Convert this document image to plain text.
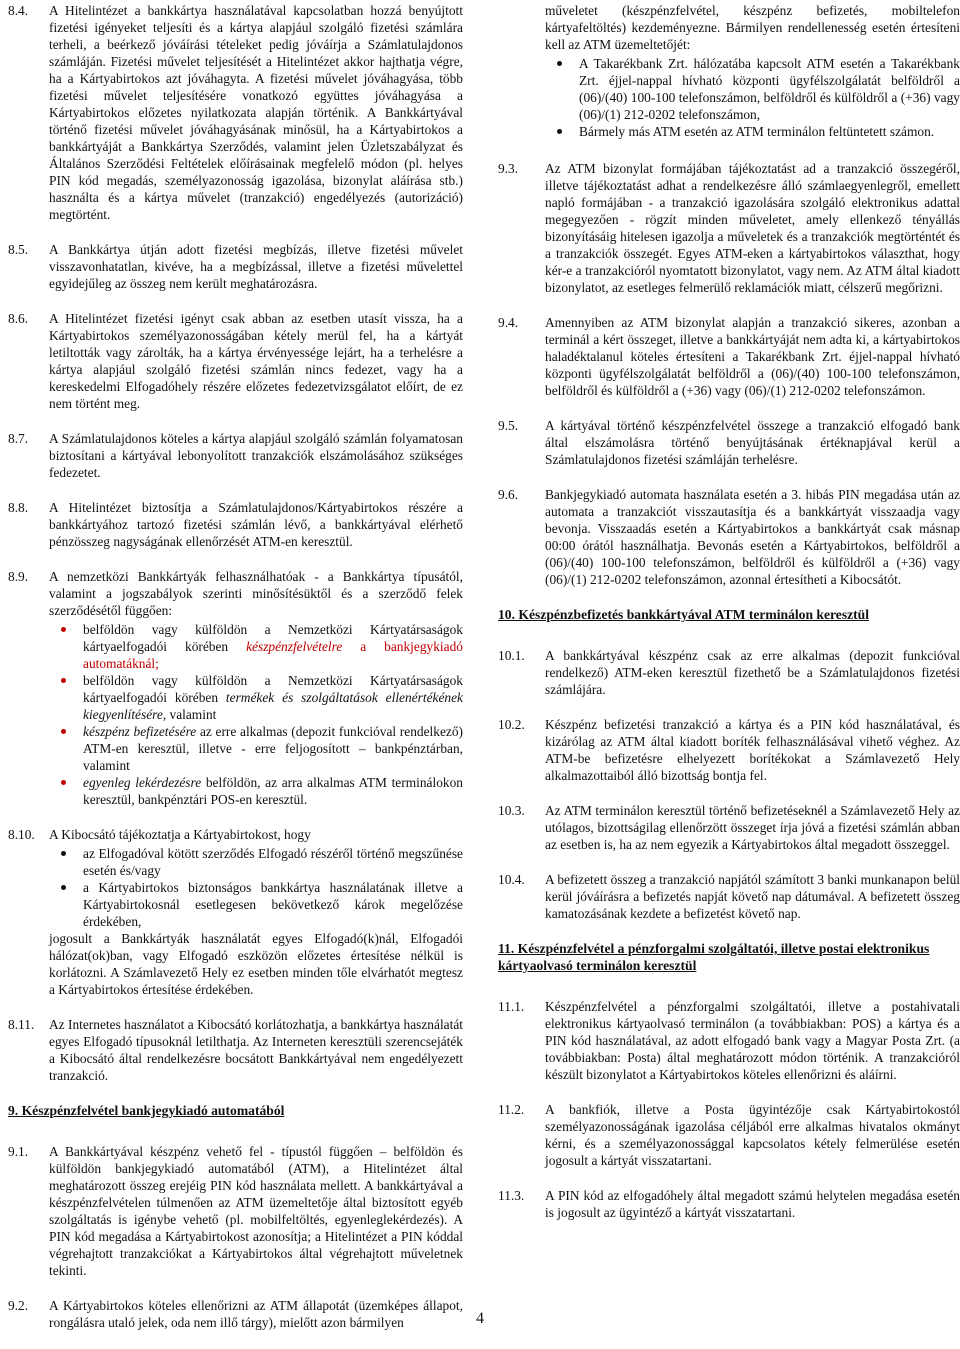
8.4.	A Hitelintézet a bankkártya használatával kapcsolatban hozzá benyújtott fizetési igényeket teljesíti és a kártya alapjául szolgáló fizetési számlára terheli, a beérkező jóváírási tételeket pedig jóváírja a Számlatulajdonos számláján. Fizetési művelet teljesítését a Hitelintézet akkor hajthatja végre, ha a Kártyabirtokos azt jóváhagyta. A fizetési művelet jóváhagyása, több fizetési művelet teljesítésére vonatkozó együttes jóváhagyása a Kártyabirtokos előzetes nyilatkozata alapján történik. A Bankkártyával történő fizetési művelet jóváhagyásának minősül, ha a Kártyabirtokos a bankkártyáját a Bankkártya Szerződés, valamint jelen Üzletszabályzat és Általános Szerződési Feltételek előírásainak megfelelő módon (pl. helyes PIN kód megadás, személyazonosság igazolása, bizonylat aláírása stb.) használta és a kártya művelet (tranzakció) engedélyezés (autorizáció) megtörtént.
8.5.	A Bankkártya útján adott fizetési megbízás, illetve fizetési művelet visszavonhatatlan, kivéve, ha a megbízással, illetve a fizetési művelettel egyidejűleg az összeg nem került meghatározásra.
8.6.	A Hitelintézet fizetési igényt csak abban az esetben utasít vissza, ha a Kártyabirtokos személyazonosságában kétely merül fel, ha a kártyát letiltották vagy zárolták, ha a kártya érvényessége lejárt, ha a terhelésre a kártya alapjául szolgáló fizetési számlán nincs fedezet, vagy ha a kereskedelmi Elfogadóhely részére előzetes fedezetvizsgálatot előírt, de ez nem történt meg.
8.7.	A Számlatulajdonos köteles a kártya alapjául szolgáló számlán folyamatosan biztosítani a kártyával lebonyolított tranzakciók elszámolásához szükséges fedezetet.
8.8.	A Hitelintézet biztosítja a Számlatulajdonos/Kártyabirtokos részére a bankkártyához tartozó fizetési számlán lévő, a bankkártyával elérhető pénzösszeg nagyságának ellenőrzését ATM-en keresztül.
8.9.	A nemzetközi Bankkártyák felhasználhatóak - a Bankkártya típusától, valamint a jogszabályok szerinti minősítésüktől és a szerződő felek szerződésétől függően:
belföldön vagy külföldön a Nemzetközi Kártyatársaságok kártyaelfogadói körében készpénzfelvételre a bankjegykiadó automatáknál;
belföldön vagy külföldön a Nemzetközi Kártyatársaságok kártyaelfogadói körében termékek és szolgáltatások ellenértékének kiegyenlítésére, valamint
készpénz befizetésére az erre alkalmas (depozit funkcióval rendelkező) ATM-en keresztül, illetve - erre feljogosított – bankpénztárban, valamint
egyenleg lekérdezésre belföldön, az arra alkalmas ATM terminálokon keresztül, bankpénztári POS-en keresztül.
8.10.	A Kibocsátó tájékoztatja a Kártyabirtokost, hogy
az Elfogadóval kötött szerződés Elfogadó részéről történő megszűnése esetén és/vagy
a Kártyabirtokos biztonságos bankkártya használatának illetve a Kártyabirtokosnál esetlegesen bekövetkező károk megelőzése érdekében,
jogosult a Bankkártyák használatát egyes Elfogadó(k)nál, Elfogadói hálózat(ok)ban, vagy Elfogadó eszközön előzetes értesítése nélkül is korlátozni. A Számlavezető Hely ez esetben minden tőle elvárhatót megtesz a Kártyabirtokos értesítése érdekében.
8.11.	Az Internetes használatot a Kibocsátó korlátozhatja, a bankkártya használatát egyes Elfogadó típusoknál letilthatja. Az Interneten keresztüli szerencsejáték a Kibocsátó által rendelkezésre bocsátott Bankkártyával nem engedélyezett tranzakció.
9. Készpénzfelvétel bankjegykiadó automatából
9.1.	A Bankkártyával készpénz vehető fel - típustól függően – belföldön és külföldön bankjegykiadó automatából (ATM), a Hitelintézet által meghatározott összeg erejéig PIN kód használata mellett. A bankkártyával a készpénzfelvételen túlmenően az ATM üzemeltetője által biztosított egyéb szolgáltatás is igénybe vehető (pl. mobilfeltöltés, egyenleglekérdezés). A PIN kód megadása a Kártyabirtokost azonosítja; a Hitelintézet a PIN kóddal végrehajtott tranzakciókat a Kártyabirtokos által végrehajtott műveletnek tekinti.
9.2.	A Kártyabirtokos köteles ellenőrizni az ATM állapotát (üzemképes állapot, rongálásra utaló jelek, oda nem illő tárgy), mielőtt azon bármilyen
műveletet (készpénzfelvétel, készpénz befizetés, mobiltelefon kártyafeltöltés) kezdeményezne. Bármilyen rendellenesség esetén értesíteni kell az ATM üzemeltetőjét:
A Takarékbank Zrt. hálózatába kapcsolt ATM esetén a Takarékbank Zrt. éjjel-nappal hívható központi ügyfélszolgálatát belföldről a (06)/(40) 100-100 telefonszámon, belföldről és külföldről a (+36) vagy (06)/(1) 212-0202 telefonszámon,
Bármely más ATM esetén az ATM terminálon feltüntetett számon.
9.3.	Az ATM bizonylat formájában tájékoztatást ad a tranzakció összegéről, illetve tájékoztatást adhat a rendelkezésre álló számlaegyenlegről, emellett napló formájában - a tranzakció igazolására szolgáló elektronikus adattal megegyezően - rögzít minden műveletet, amely ellenkező tényállás bizonyításáig hitelesen igazolja a műveletek és a tranzakciók megtörténtét és a tranzakciók összegét. Egyes ATM-eken a kártyabirtokos választhat, hogy kér-e a tranzakcióról nyomtatott bizonylatot, vagy nem. Az ATM által kiadott bizonylatot, az esetleges felmerülő reklamációk miatt, célszerű megőrizni.
9.4.	Amennyiben az ATM bizonylat alapján a tranzakció sikeres, azonban a terminál a kért összeget, illetve a bankkártyáját nem adta ki, a kártyabirtokos haladéktalanul köteles értesíteni a Takarékbank Zrt. éjjel-nappal hívható központi ügyfélszolgálatát belföldről a (06)/(40) 100-100 telefonszámon, belföldről és külföldről a (+36) vagy (06)/(1) 212-0202 telefonszámon.
9.5.	A kártyával történő készpénzfelvétel összege a tranzakció elfogadó bank által elszámolásra történő benyújtásának értéknapjával kerül a Számlatulajdonos fizetési számláján terhelésre.
9.6.	Bankjegykiadó automata használata esetén a 3. hibás PIN megadása után az automata a tranzakciót visszautasítja és a bankkártyát visszaadja vagy bevonja. Visszaadás esetén a Kártyabirtokos a bankkártyát csak másnap 00:00 órától használhatja. Bevonás esetén a Kártyabirtokos, belföldről a (06)/(40) 100-100 telefonszámon, belföldről és külföldről a (+36) vagy (06)/(1) 212-0202 telefonszámon, azonnal értesítheti a Kibocsátót.
10. Készpénzbefizetés bankkártyával ATM terminálon keresztül
10.1.	A bankkártyával készpénz csak az erre alkalmas (depozit funkcióval rendelkező) ATM-eken keresztül fizethető be a Számlatulajdonos fizetési számlájára.
10.2.	Készpénz befizetési tranzakció a kártya és a PIN kód használatával, és kizárólag az ATM által kiadott boríték felhasználásával vihető véghez. Az ATM-be befizetésre elhelyezett borítékokat a Számlavezető Hely alkalmazottaiból álló bizottság bontja fel.
10.3.	Az ATM terminálon keresztül történő befizetéseknél a Számlavezető Hely az utólagos, bizottságilag ellenőrzött összeget írja jóvá a fizetési számlán abban az esetben is, ha az nem egyezik a Kártyabirtokos által megadott összeggel.
10.4.	A befizetett összeg a tranzakció napjától számított 3 banki munkanapon belül kerül jóváírásra a befizetés napját követő nap dátumával. A befizetett összeg kamatozásának kezdete a befizetést követő nap.
11. Készpénzfelvétel a pénzforgalmi szolgáltatói, illetve postai elektronikus kártyaolvasó terminálon keresztül
11.1.	Készpénzfelvétel a pénzforgalmi szolgáltatói, illetve a postahivatali elektronikus kártyaolvasó terminálon (a továbbiakban: POS) a kártya és a PIN kód használatával, az adott elfogadó bank vagy a Magyar Posta Zrt. (a továbbiakban: Posta) által meghatározott módon történik. A tranzakcióról készült bizonylatot a Kártyabirtokos köteles ellenőrizni és aláírni.
11.2.	A bankfiók, illetve a Posta ügyintézője csak Kártyabirtokostól személyazonosságának igazolása céljából erre alkalmas hivatalos okmányt kérni, és a személyazonossággal kapcsolatos kétely felmerülése esetén jogosult a kártyát visszatartani.
11.3.	A PIN kód az elfogadóhely által megadott számú helytelen megadása esetén is jogosult az ügyintéző a kártyát visszatartani.
4
